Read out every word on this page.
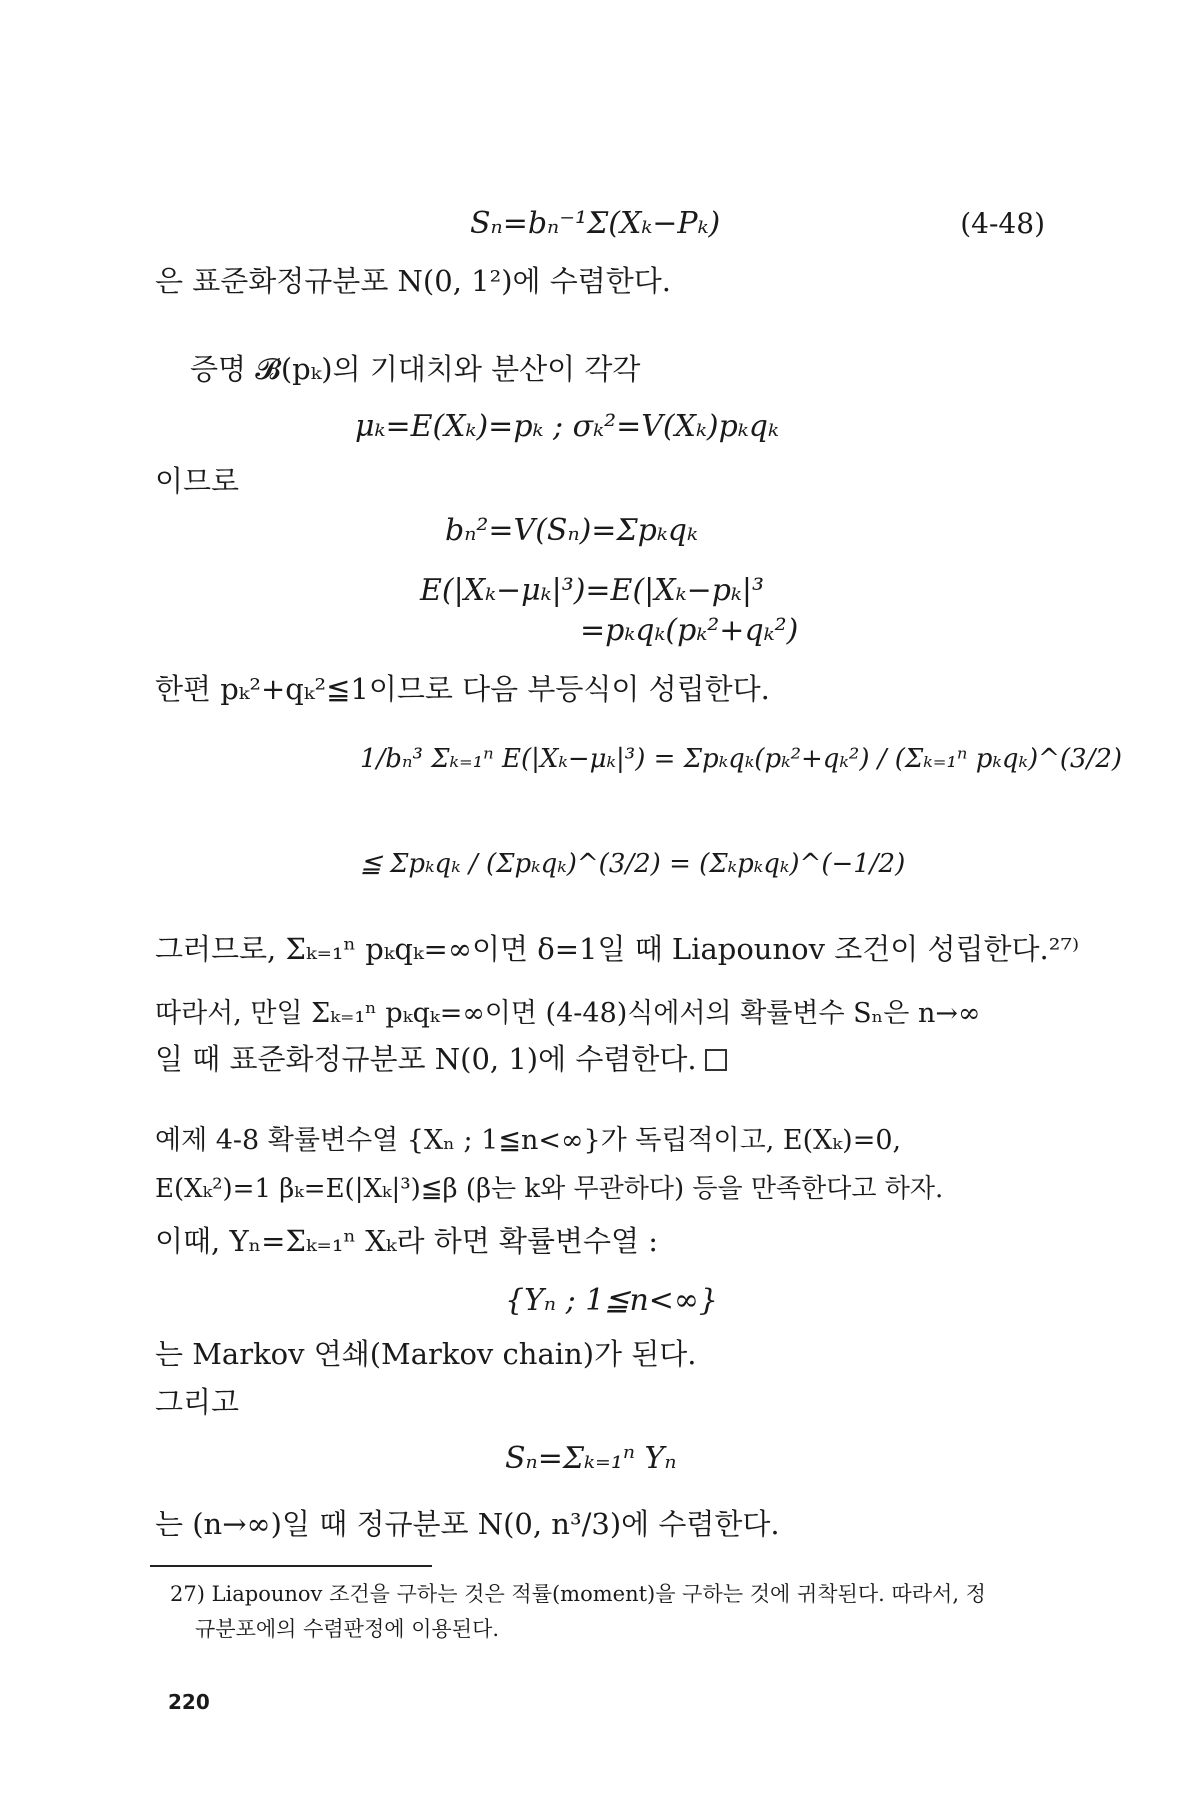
Sₙ=bₙ⁻¹Σ(Xₖ−Pₖ)	(4-48)
은 표준화정규분포 N(0, 1²)에 수렴한다.
증명 𝓑(pₖ)의 기대치와 분산이 각각
μₖ=E(Xₖ)=pₖ ; σₖ²=V(Xₖ)pₖqₖ
이므로
bₙ²=V(Sₙ)=Σpₖqₖ
E(|Xₖ−μₖ|³)=E(|Xₖ−pₖ|³
=pₖqₖ(pₖ²+qₖ²)
한편 pₖ²+qₖ²≦1이므로 다음 부등식이 성립한다.
1/bₙ³ Σₖ₌₁ⁿ E(|Xₖ−μₖ|³) = Σpₖqₖ(pₖ²+qₖ²) / (Σₖ₌₁ⁿ pₖqₖ)^(3/2)
≦ Σpₖqₖ / (Σpₖqₖ)^(3/2) = (Σₖpₖqₖ)^(−1/2)
그러므로, Σₖ₌₁ⁿ pₖqₖ=∞이면 δ=1일 때 Liapounov 조건이 성립한다.²⁷⁾
따라서, 만일 Σₖ₌₁ⁿ pₖqₖ=∞이면 (4-48)식에서의 확률변수 Sₙ은 n→∞
일 때 표준화정규분포 N(0, 1)에 수렴한다.
예제 4-8 확률변수열 {Xₙ ; 1≦n<∞}가 독립적이고, E(Xₖ)=0,
E(Xₖ²)=1 βₖ=E(|Xₖ|³)≦β (β는 k와 무관하다) 등을 만족한다고 하자.
이때, Yₙ=Σₖ₌₁ⁿ Xₖ라 하면 확률변수열 :
{Yₙ ; 1≦n<∞}
는 Markov 연쇄(Markov chain)가 된다.
그리고
Sₙ=Σₖ₌₁ⁿ Yₙ
는 (n→∞)일 때 정규분포 N(0, n³/3)에 수렴한다.
27) Liapounov 조건을 구하는 것은 적률(moment)을 구하는 것에 귀착된다. 따라서, 정
규분포에의 수렴판정에 이용된다.
220
